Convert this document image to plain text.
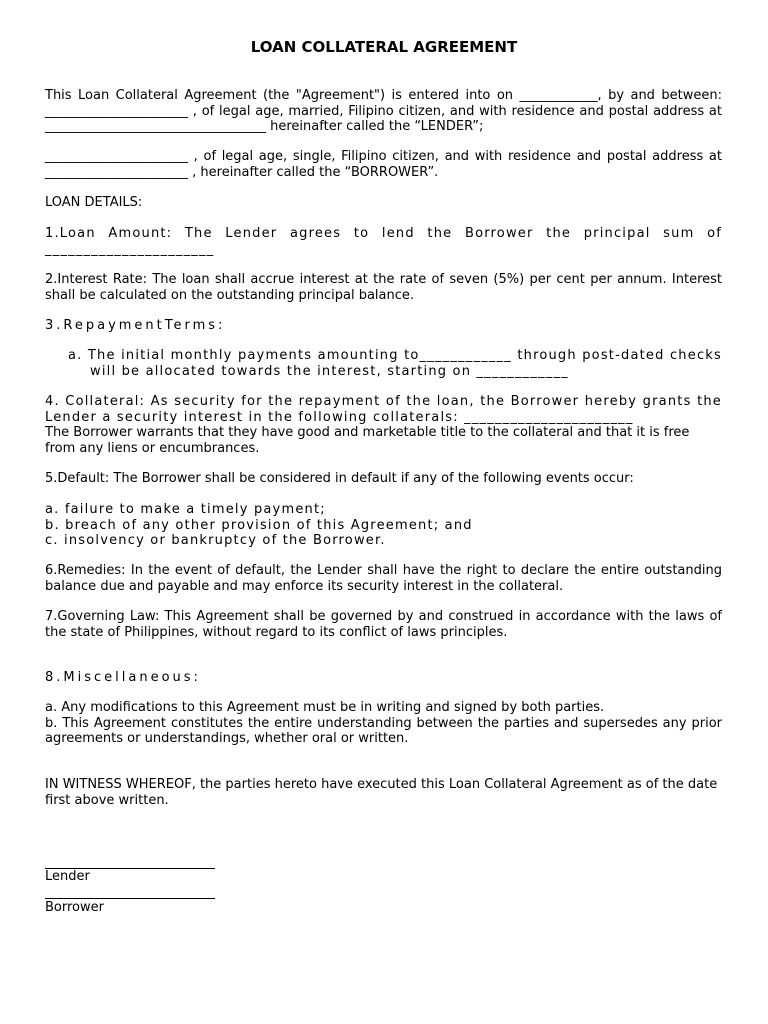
LOAN COLLATERAL AGREEMENT

This Loan Collateral Agreement (the "Agreement") is entered into on ____________, by and between: ______________________ , of legal age, married, Filipino citizen, and with residence and postal address at __________________________________ hereinafter called the “LENDER”;

______________________ , of legal age, single, Filipino citizen, and with residence and postal address at ______________________ , hereinafter called the “BORROWER”.

LOAN DETAILS:

1.Loan Amount: The Lender agrees to lend the Borrower the principal sum of ______________________

2.Interest Rate: The loan shall accrue interest at the rate of seven (5%) per cent per annum. Interest shall be calculated on the outstanding principal balance.

3.RepaymentTerms:

a. The initial monthly payments amounting to____________ through post-dated checks will be allocated towards the interest, starting on ____________

4. Collateral: As security for the repayment of the loan, the Borrower hereby grants the Lender a security interest in the following collaterals: ______________________

The Borrower warrants that they have good and marketable title to the collateral and that it is free from any liens or encumbrances.

5.Default: The Borrower shall be considered in default if any of the following events occur:

a. failure to make a timely payment;
b. breach of any other provision of this Agreement; and
c. insolvency or bankruptcy of the Borrower.

6.Remedies: In the event of default, the Lender shall have the right to declare the entire outstanding balance due and payable and may enforce its security interest in the collateral.

7.Governing Law: This Agreement shall be governed by and construed in accordance with the laws of the state of Philippines, without regard to its conflict of laws principles.

8.Miscellaneous:

a. Any modifications to this Agreement must be in writing and signed by both parties.
b. This Agreement constitutes the entire understanding between the parties and supersedes any prior agreements or understandings, whether oral or written.

IN WITNESS WHEREOF, the parties hereto have executed this Loan Collateral Agreement as of the date first above written.

Lender
Borrower
